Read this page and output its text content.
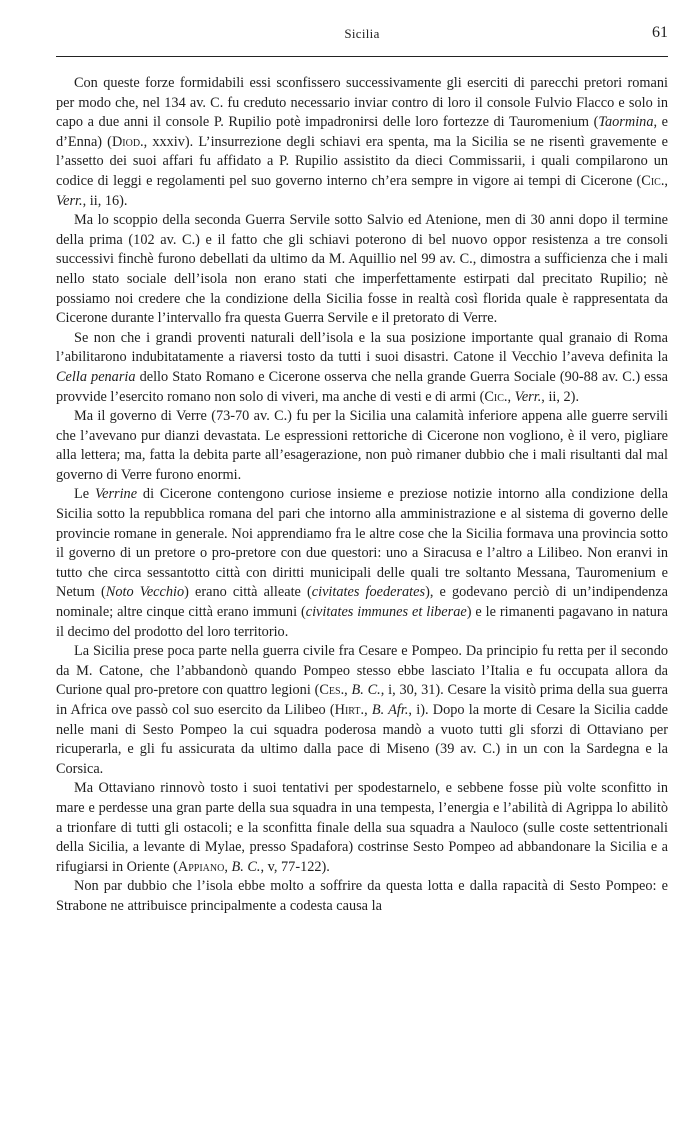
Sicilia	61

Con queste forze formidabili essi sconfissero successivamente gli eserciti di parecchi pretori romani per modo che, nel 134 av. C. fu creduto necessario inviar contro di loro il console Fulvio Flacco e solo in capo a due anni il console P. Rupilio potè impadronirsi delle loro fortezze di Tauromenium (Taormina, e d’Enna) (Diod., xxxiv). L’insurrezione degli schiavi era spenta, ma la Sicilia se ne risentì gravemente e l’assetto dei suoi affari fu affidato a P. Rupilio assistito da dieci Commissarii, i quali compilarono un codice di leggi e regolamenti pel suo governo interno ch’era sempre in vigore ai tempi di Cicerone (Cic., Verr., ii, 16).

Ma lo scoppio della seconda Guerra Servile sotto Salvio ed Atenione, men di 30 anni dopo il termine della prima (102 av. C.) e il fatto che gli schiavi poterono di bel nuovo oppor resistenza a tre consoli successivi finchè furono debellati da ultimo da M. Aquillio nel 99 av. C., dimostra a sufficienza che i mali nello stato sociale dell’isola non erano stati che imperfettamente estirpati dal precitato Rupilio; nè possiamo noi credere che la condizione della Sicilia fosse in realtà così florida quale è rappresentata da Cicerone durante l’intervallo fra questa Guerra Servile e il pretorato di Verre.

Se non che i grandi proventi naturali dell’isola e la sua posizione importante qual granaio di Roma l’abilitarono indubitatamente a riaversi tosto da tutti i suoi disastri. Catone il Vecchio l’aveva definita la Cella penaria dello Stato Romano e Cicerone osserva che nella grande Guerra Sociale (90-88 av. C.) essa provvide l’esercito romano non solo di viveri, ma anche di vesti e di armi (Cic., Verr., ii, 2).

Ma il governo di Verre (73-70 av. C.) fu per la Sicilia una calamità inferiore appena alle guerre servili che l’avevano pur dianzi devastata. Le espressioni rettoriche di Cicerone non vogliono, è il vero, pigliare alla lettera; ma, fatta la debita parte all’esagerazione, non può rimaner dubbio che i mali risultanti dal mal governo di Verre furono enormi.

Le Verrine di Cicerone contengono curiose insieme e preziose notizie intorno alla condizione della Sicilia sotto la repubblica romana del pari che intorno alla amministrazione e al sistema di governo delle provincie romane in generale. Noi apprendiamo fra le altre cose che la Sicilia formava una provincia sotto il governo di un pretore o pro-pretore con due questori: uno a Siracusa e l’altro a Lilibeo. Non eranvi in tutto che circa sessantotto città con diritti municipali delle quali tre soltanto Messana, Tauromenium e Netum (Noto Vecchio) erano città alleate (civitates foederates), e godevano perciò di un’indipendenza nominale; altre cinque città erano immuni (civitates immunes et liberae) e le rimanenti pagavano in natura il decimo del prodotto del loro territorio.

La Sicilia prese poca parte nella guerra civile fra Cesare e Pompeo. Da principio fu retta per il secondo da M. Catone, che l’abbandonò quando Pompeo stesso ebbe lasciato l’Italia e fu occupata allora da Curione qual pro-pretore con quattro legioni (Ces., B. C., i, 30, 31). Cesare la visitò prima della sua guerra in Africa ove passò col suo esercito da Lilibeo (Hirt., B. Afr., i). Dopo la morte di Cesare la Sicilia cadde nelle mani di Sesto Pompeo la cui squadra poderosa mandò a vuoto tutti gli sforzi di Ottaviano per ricuperarla, e gli fu assicurata da ultimo dalla pace di Miseno (39 av. C.) in un con la Sardegna e la Corsica.

Ma Ottaviano rinnovò tosto i suoi tentativi per spodestarnelo, e sebbene fosse più volte sconfitto in mare e perdesse una gran parte della sua squadra in una tempesta, l’energia e l’abilità di Agrippa lo abilitò a trionfare di tutti gli ostacoli; e la sconfitta finale della sua squadra a Nauloco (sulle coste settentrionali della Sicilia, a levante di Mylae, presso Spadafora) costrinse Sesto Pompeo ad abbandonare la Sicilia e a rifugiarsi in Oriente (Appiano, B. C., v, 77-122).

Non par dubbio che l’isola ebbe molto a soffrire da questa lotta e dalla rapacità di Sesto Pompeo: e Strabone ne attribuisce principalmente a codesta causa la
